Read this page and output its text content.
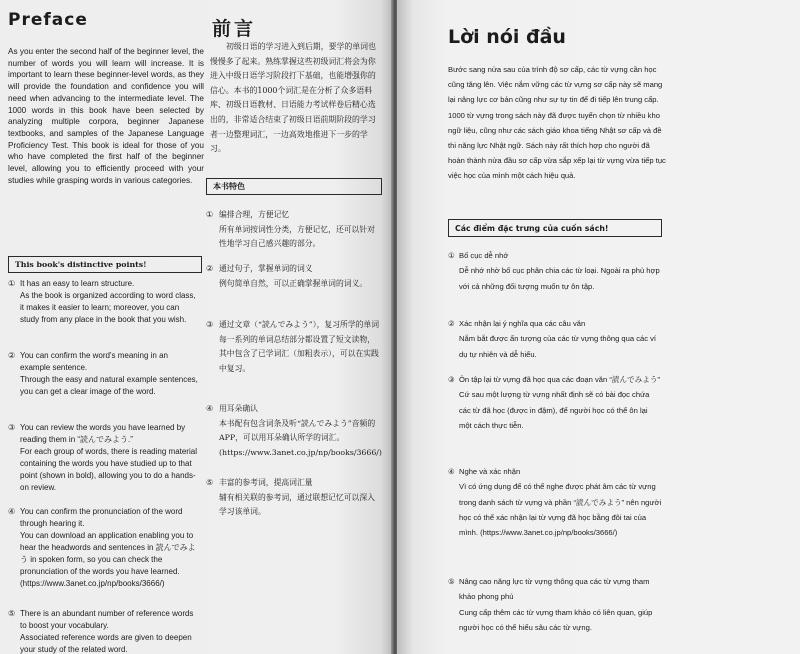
Preface

As you enter the second half of the beginner level, the number of words you will learn will increase. It is important to learn these beginner-level words, as they will provide the foundation and confidence you will need when advancing to the intermediate level. The 1000 words in this book have been selected by analyzing multiple corpora, beginner Japanese textbooks, and samples of the Japanese Language Proficiency Test. This book is ideal for those of you who have completed the first half of the beginner level, allowing you to efficiently proceed with your studies while grasping words in various categories.

This book's distinctive points!
① It has an easy to learn structure.
As the book is organized according to word class, it makes it easier to learn; moreover, you can study from any place in the book that you wish.
② You can confirm the word's meaning in an example sentence.
Through the easy and natural example sentences, you can get a clear image of the word.
③ You can review the words you have learned by reading them in “読んでみよう.”
For each group of words, there is reading material containing the words you have studied up to that point (shown in bold), allowing you to do a hands-on review.
④ You can confirm the pronunciation of the word through hearing it.
You can download an application enabling you to hear the headwords and sentences in 読んでみよう in spoken form, so you can check the pronunciation of the words you have learned. (https://www.3anet.co.jp/np/books/3666/)
⑤ There is an abundant number of reference words to boost your vocabulary.
Associated reference words are given to deepen your study of the related word.
前言

初级日语的学习进入到后期，要学的单词也慢慢多了起来。熟练掌握这些初级词汇将会为你进入中级日语学习阶段打下基础，也能增强你的信心。本书的1000个词汇是在分析了众多语料库、初级日语教材、日语能力考试样卷后精心选出的，非常适合结束了初级日语前期阶段的学习者一边整理词汇，一边高效地推进下一步的学习。

本书特色
① 编排合理，方便记忆
所有单词按词性分类，方便记忆，还可以针对性地学习自己感兴趣的部分。
② 通过句子，掌握单词的词义
例句简单自然，可以正确掌握单词的词义。
③ 通过文章（“読んでみよう”），复习所学的单词
每一系列的单词总结部分都设置了短文读物，其中包含了已学词汇（加粗表示），可以在实践中复习。
④ 用耳朵确认
本书配有包含词条及听“読んでみよう”音频的APP，可以用耳朵确认所学的词汇。(https://www.3anet.co.jp/np/books/3666/)
⑤ 丰富的参考词，提高词汇量
辅有相关联的参考词，通过联想记忆可以深入学习该单词。
Lời nói đầu

Bước sang nửa sau của trình độ sơ cấp, các từ vựng cần học cũng tăng lên. Việc nắm vững các từ vựng sơ cấp này sẽ mang lại nâng lực cơ bản cũng như sự tự tin để đi tiếp lên trung cấp. 1000 từ vựng trong sách này đã được tuyển chọn từ nhiều kho ngữ liệu, cũng như các sách giáo khoa tiếng Nhật sơ cấp và đề thi năng lực Nhật ngữ. Sách này rất thích hợp cho người đã hoàn thành nửa đầu sơ cấp vừa sắp xếp lại từ vựng vừa tiếp tục việc học của mình một cách hiệu quả.

Các điểm đặc trưng của cuốn sách!
① Bố cục dễ nhớ
Dễ nhớ nhờ bố cục phân chia các từ loại. Ngoài ra phù hợp với cả những đối tượng muốn tự ôn tập.
② Xác nhận lại ý nghĩa qua các câu văn
Nắm bắt được ấn tượng của các từ vựng thông qua các ví dụ tự nhiên và dễ hiểu.
③ Ôn tập lại từ vựng đã học qua các đoạn văn “読んでみよう”
Cứ sau một lượng từ vựng nhất định sẽ có bài đọc chứa các từ đã học (được in đậm), để người học có thể ôn lại một cách thực tiễn.
④ Nghe và xác nhận
Vì có ứng dụng để có thể nghe được phát âm các từ vựng trong danh sách từ vựng và phần “読んでみよう” nên người học có thể xác nhận lại từ vựng đã học bằng đôi tai của mình. (https://www.3anet.co.jp/np/books/3666/)
⑤ Nâng cao năng lực từ vựng thông qua các từ vựng tham khảo phong phú
Cung cấp thêm các từ vựng tham khảo có liên quan, giúp người học có thể hiểu sâu các từ vựng.
